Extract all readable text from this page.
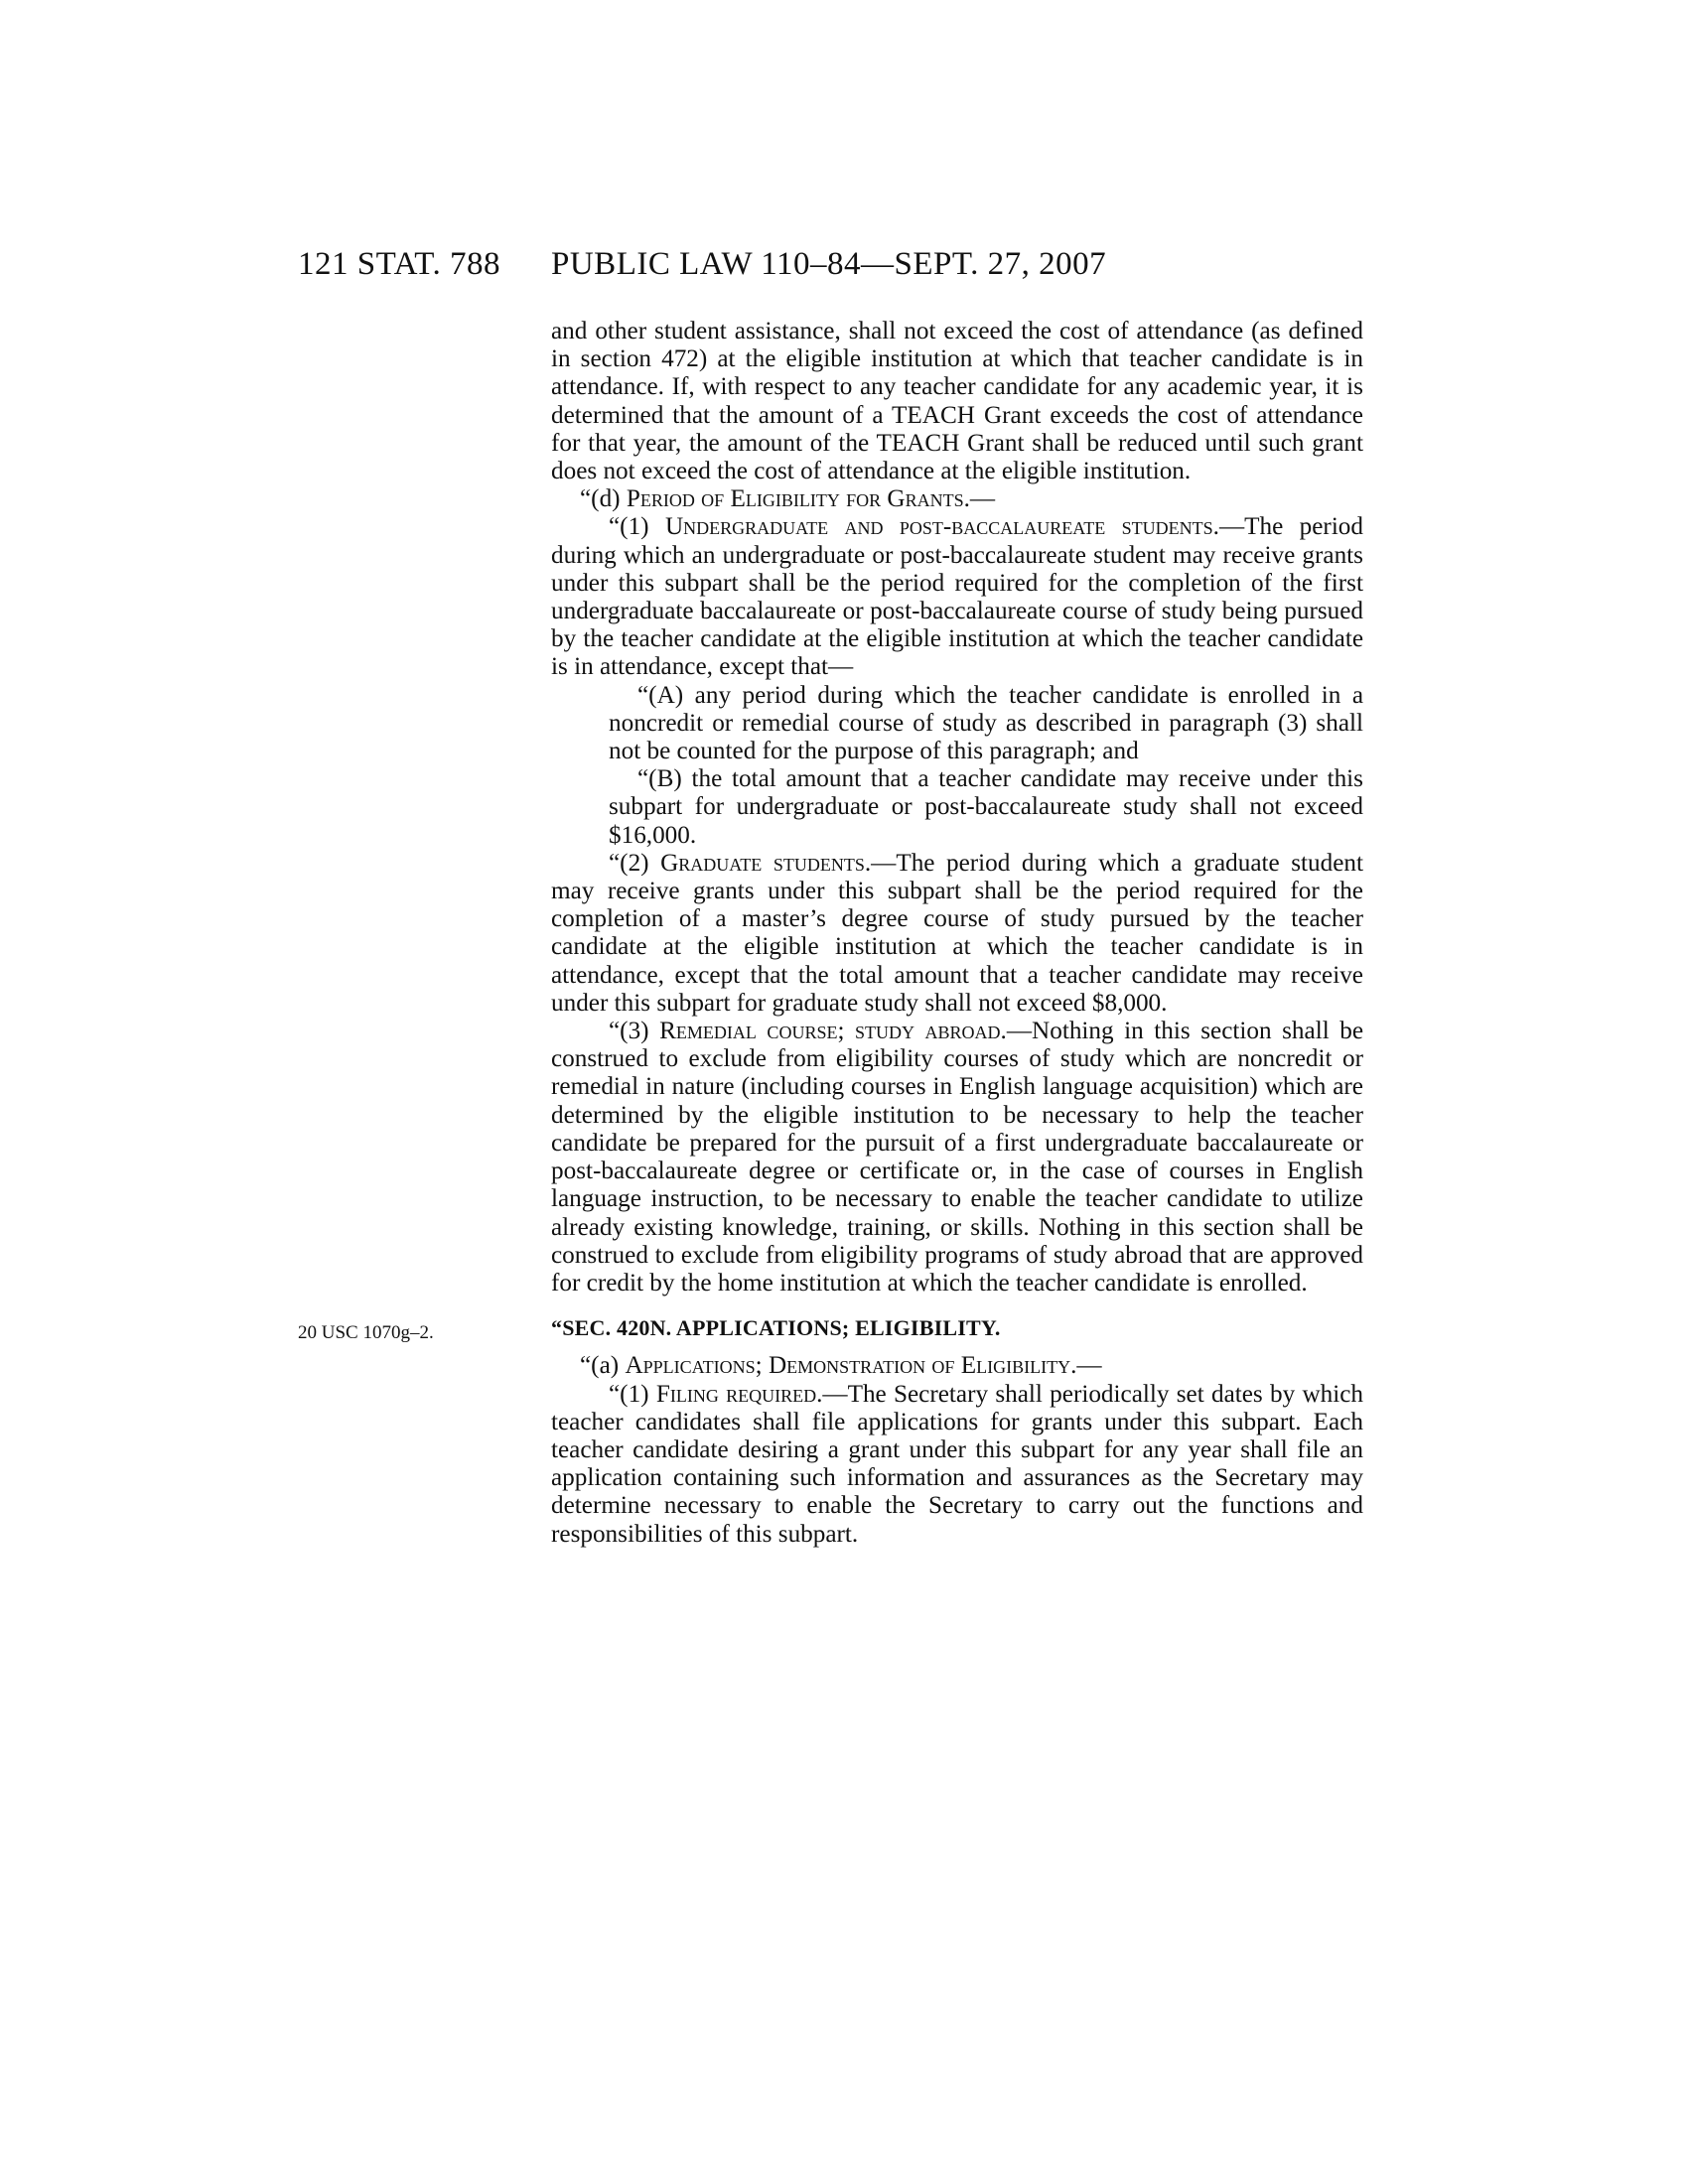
121 STAT. 788 PUBLIC LAW 110–84—SEPT. 27, 2007

and other student assistance, shall not exceed the cost of attendance (as defined in section 472) at the eligible institution at which that teacher candidate is in attendance. If, with respect to any teacher candidate for any academic year, it is determined that the amount of a TEACH Grant exceeds the cost of attendance for that year, the amount of the TEACH Grant shall be reduced until such grant does not exceed the cost of attendance at the eligible institution.

“(d) Period of Eligibility for Grants.—

“(1) Undergraduate and post-baccalaureate students.—The period during which an undergraduate or post-baccalaureate student may receive grants under this subpart shall be the period required for the completion of the first undergraduate baccalaureate or post-baccalaureate course of study being pursued by the teacher candidate at the eligible institution at which the teacher candidate is in attendance, except that—

“(A) any period during which the teacher candidate is enrolled in a noncredit or remedial course of study as described in paragraph (3) shall not be counted for the purpose of this paragraph; and

“(B) the total amount that a teacher candidate may receive under this subpart for undergraduate or post-baccalaureate study shall not exceed $16,000.

“(2) Graduate students.—The period during which a graduate student may receive grants under this subpart shall be the period required for the completion of a master’s degree course of study pursued by the teacher candidate at the eligible institution at which the teacher candidate is in attendance, except that the total amount that a teacher candidate may receive under this subpart for graduate study shall not exceed $8,000.

“(3) Remedial course; study abroad.—Nothing in this section shall be construed to exclude from eligibility courses of study which are noncredit or remedial in nature (including courses in English language acquisition) which are determined by the eligible institution to be necessary to help the teacher candidate be prepared for the pursuit of a first undergraduate baccalaureate or post-baccalaureate degree or certificate or, in the case of courses in English language instruction, to be necessary to enable the teacher candidate to utilize already existing knowledge, training, or skills. Nothing in this section shall be construed to exclude from eligibility programs of study abroad that are approved for credit by the home institution at which the teacher candidate is enrolled.

20 USC 1070g–2.	“SEC. 420N. APPLICATIONS; ELIGIBILITY.

“(a) Applications; Demonstration of Eligibility.—

“(1) Filing required.—The Secretary shall periodically set dates by which teacher candidates shall file applications for grants under this subpart. Each teacher candidate desiring a grant under this subpart for any year shall file an application containing such information and assurances as the Secretary may determine necessary to enable the Secretary to carry out the functions and responsibilities of this subpart.
